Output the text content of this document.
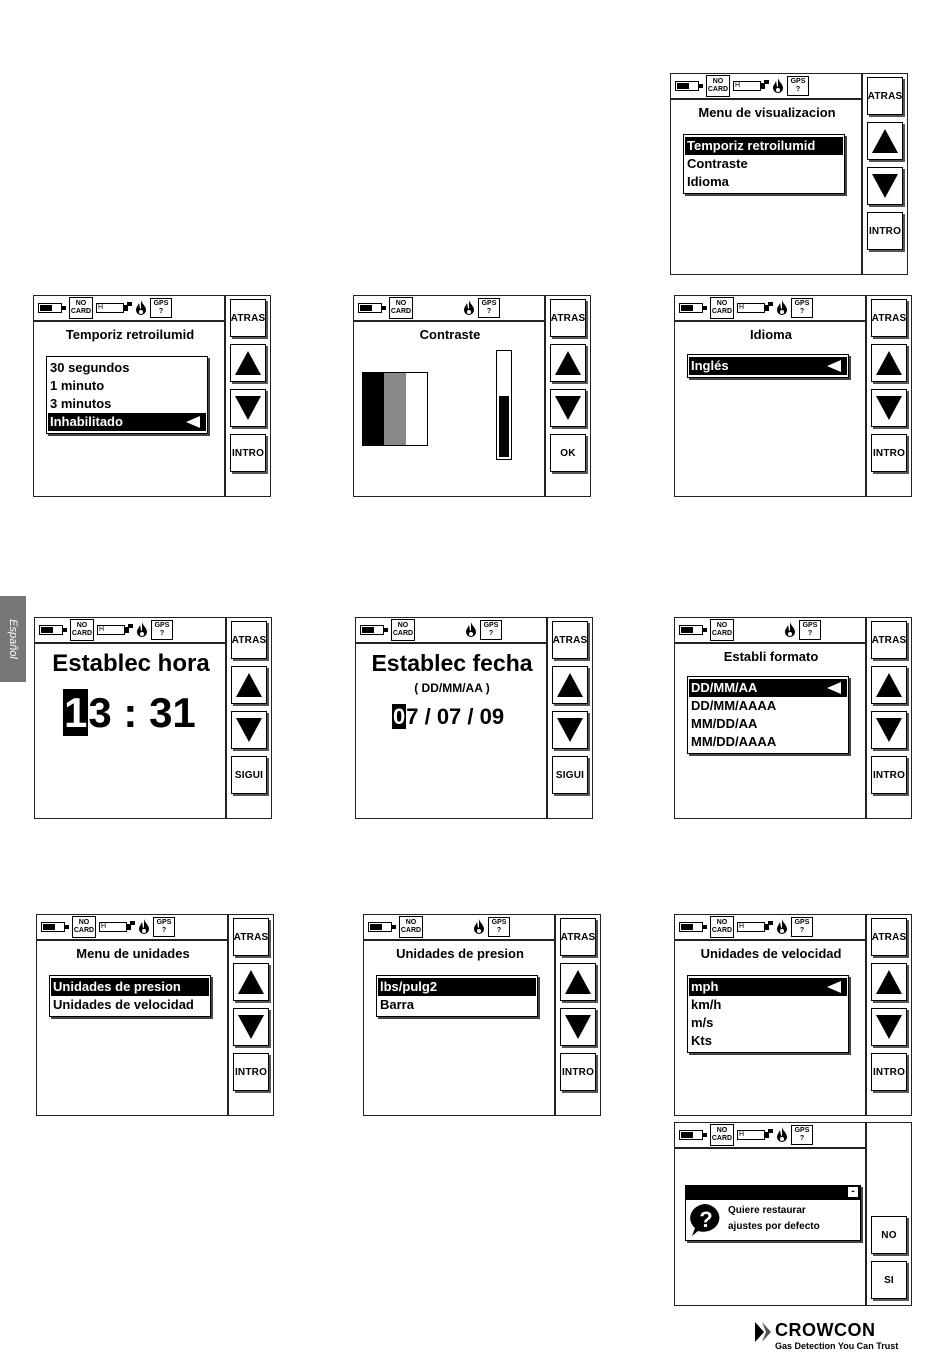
Español
NO
CARD
H
GPS
?
Menu de visualizacion
Temporiz retroilumid
Contraste
Idioma
ATRAS
INTRO
NO
CARD
H
GPS
?
Temporiz retroilumid
30 segundos
1 minuto
3 minutos
Inhabilitado
ATRAS
INTRO
NO
CARD
GPS
?
Contraste
ATRAS
OK
NO
CARD
H
GPS
?
Idioma
Inglés
ATRAS
INTRO
NO
CARD
H
GPS
?
Establec hora
13 : 31
ATRAS
SIGUI
NO
CARD
GPS
?
Establec fecha
( DD/MM/AA )
07 / 07 / 09
ATRAS
SIGUI
NO
CARD
GPS
?
Establi formato
DD/MM/AA
DD/MM/AAAA
MM/DD/AA
MM/DD/AAAA
ATRAS
INTRO
NO
CARD
H
GPS
?
Menu de unidades
Unidades de presion
Unidades de velocidad
ATRAS
INTRO
NO
CARD
GPS
?
Unidades de presion
lbs/pulg2
Barra
ATRAS
INTRO
NO
CARD
H
GPS
?
Unidades de velocidad
mph
km/h
m/s
Kts
ATRAS
INTRO
NO
CARD
H
GPS
?
-
? Quiere restaurar
ajustes por defecto
NO
SI
CROWCON
Gas Detection You Can Trust
